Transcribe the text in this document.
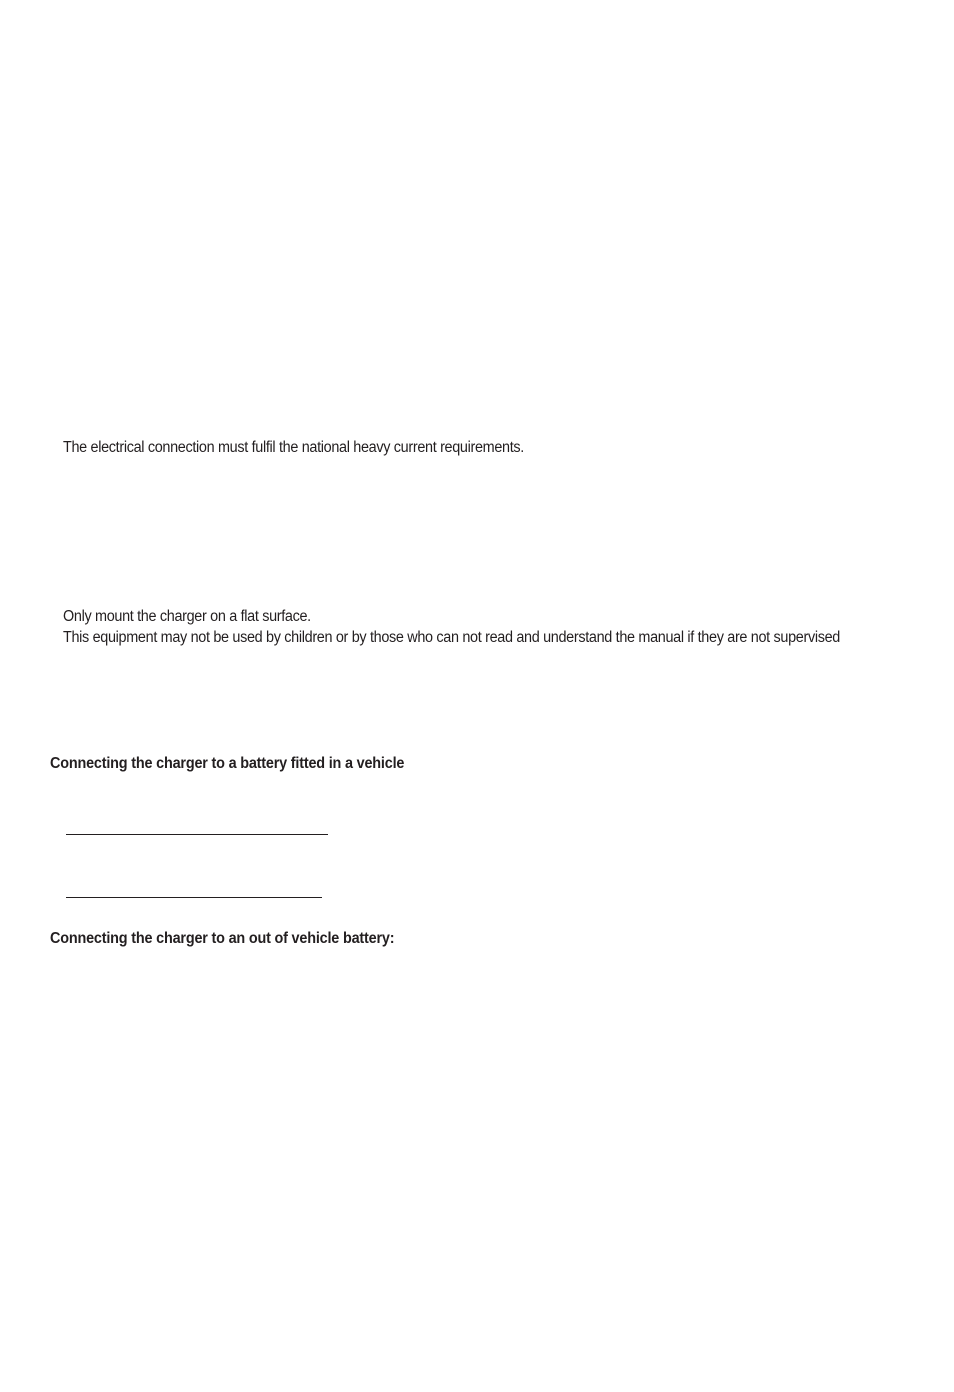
The electrical connection must fulfil the national heavy current requirements.
Only mount the charger on a flat surface.
This equipment may not be used by children or by those who can not read and understand the manual if they are not supervised
Connecting the charger to a battery fitted in a vehicle
Connecting the charger to an out of vehicle battery:
